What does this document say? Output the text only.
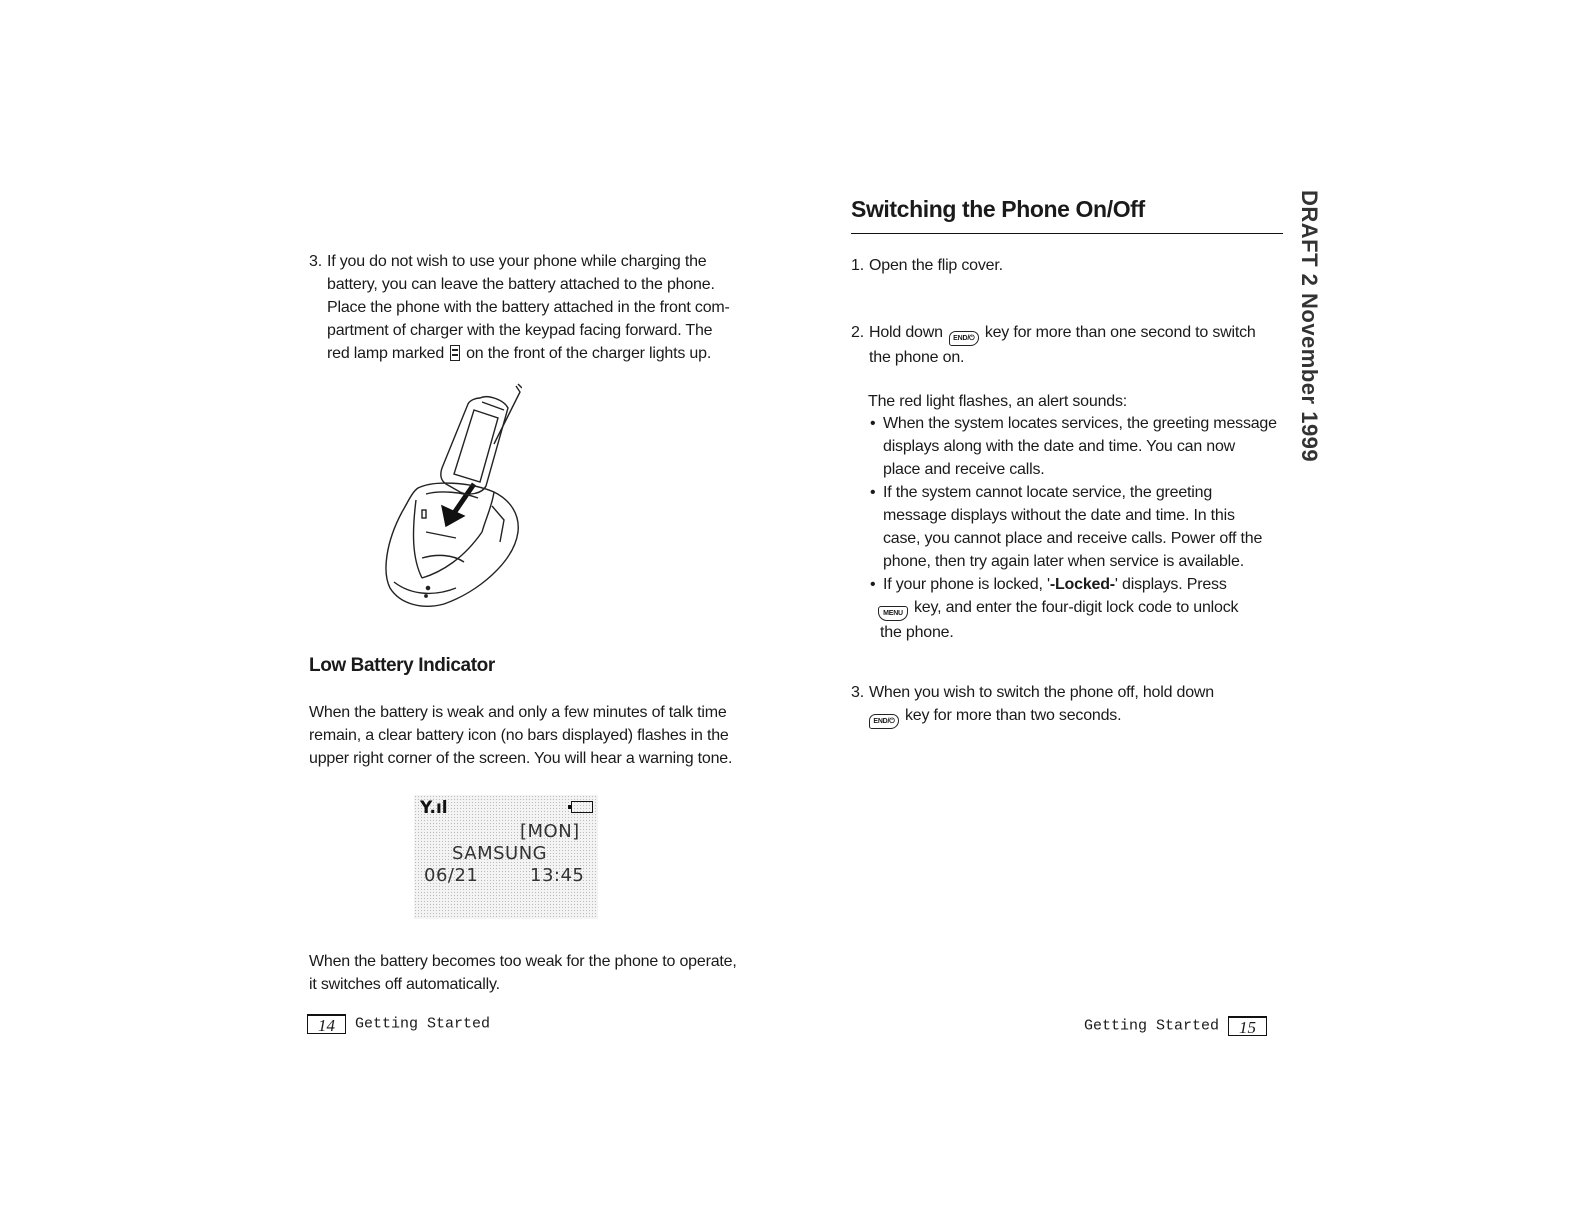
3. If you do not wish to use your phone while charging the
battery, you can leave the battery attached to the phone.
Place the phone with the battery attached in the front com-
partment of charger with the keypad facing forward. The
red lamp marked on the front of the charger lights up.
Low Battery Indicator
When the battery is weak and only a few minutes of talk time
remain, a clear battery icon (no bars displayed) flashes in the
upper right corner of the screen. You will hear a warning tone.
Y.ıl
[MON]
SAMSUNG
06/21	13:45
When the battery becomes too weak for the phone to operate,
it switches off automatically.
14 Getting Started
Switching the Phone On/Off
1. Open the flip cover.
2. Hold down END/⏻ key for more than one second to switch
the phone on.
The red light flashes, an alert sounds:
• When the system locates services, the greeting message
displays along with the date and time. You can now
place and receive calls.
• If the system cannot locate service, the greeting
message displays without the date and time. In this
case, you cannot place and receive calls. Power off the
phone, then try again later when service is available.
• If your phone is locked, '-Locked-' displays. Press
MENU key, and enter the four-digit lock code to unlock
the phone.
3. When you wish to switch the phone off, hold down
END/⏻ key for more than two seconds.
Getting Started 15
DRAFT 2 November 1999
